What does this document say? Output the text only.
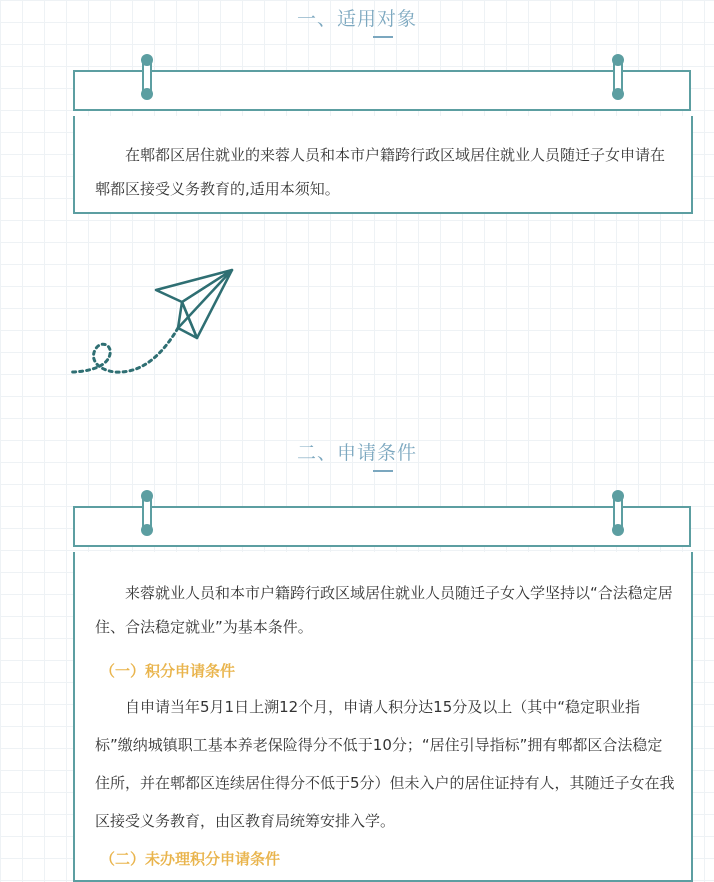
一、适用对象
在郫都区居住就业的来蓉人员和本市户籍跨行政区域居住就业人员随迁子女申请在郫都区接受义务教育的,适用本须知。
二、申请条件
来蓉就业人员和本市户籍跨行政区域居住就业人员随迁子女入学坚持以“合法稳定居住、合法稳定就业”为基本条件。
（一）积分申请条件
自申请当年5月1日上溯12个月，申请人积分达15分及以上（其中“稳定职业指标”缴纳城镇职工基本养老保险得分不低于10分；“居住引导指标”拥有郫都区合法稳定住所，并在郫都区连续居住得分不低于5分）但未入户的居住证持有人，其随迁子女在我区接受义务教育，由区教育局统筹安排入学。
（二）未办理积分申请条件
